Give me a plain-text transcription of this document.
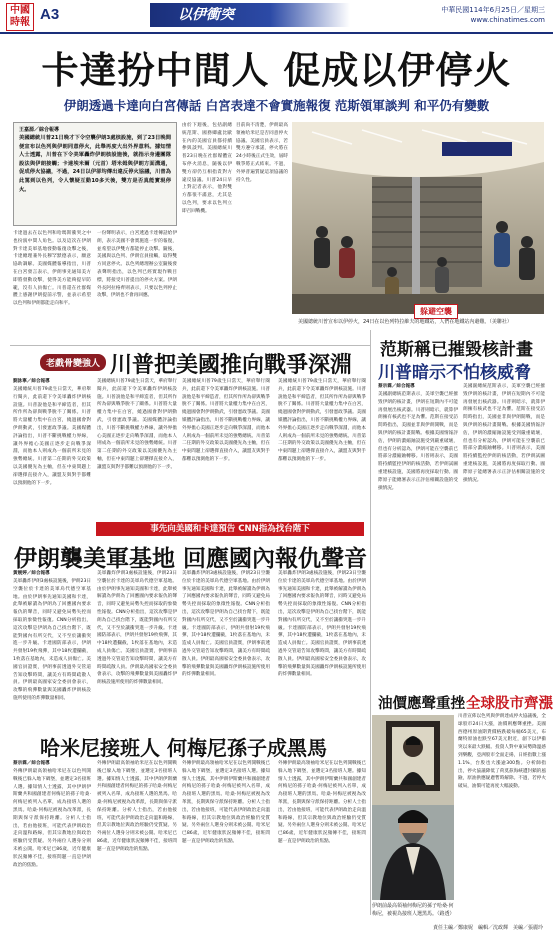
中國時報 A3	以伊衝突	中華民國114年6月25日／星期三
www.chinatimes.com
卡達扮中間人 促成以伊停火
伊朗透過卡達向白宮傳話 白宮表達不會實施報復 范斯領軍談判 和平仍有變數
王嘉源／綜合報導
美國總統川普21日晚才下令空襲伊朗3處核設施，到了23日晚間便宣布以色列與伊朗同意停火，此舉再度大出外界意料。據知情人士透露，川普在下令美軍轟炸伊朗核設施後，就指示身邊團隊設法與伊朗接觸；卡達埃米爾（元首）塔米姆與伊朗方面溝通，促成停火協議，不過，24日以伊卻均傳出違反停火協議，川普為此罵到以色列，令人懷疑互動10多天後，雙方是否真能實現停火。
卡達過去在以色列和哈瑪斯衝突之中也扮演中間人角色。以及這次在伊朗對卡達美軍基地發動報復攻擊之後，卡達總理兼外長穆罕默德表示，願意協助調解。美國媒體報導指出，川普在白宮發言表示，伊朗事先通知美方即將發動攻擊，使得美方能夠提早防範，沒有人員傷亡。川普還在社群媒體上感謝伊朗提前示警，並表示希望以色列和伊朗都能走向和平。
一份聲明表示，白宮透過卡達傳話給伊朗，表示美國不會實施進一步的報復，並希望以伊雙方都能停止攻擊。隨後，美國與以色列、伊朗官員接觸，取得雙方同意停火。以色列總理辦公室隨後發表聲明指出，以色列已經實現作戰目標，將接受川普提出的停火方案。伊朗外長阿拉格齊則表示，只要以色列停止攻擊，伊朗也不會再回應。
由於下週後，包括副總統范斯、國務卿盧比歐在內的美國官員都持續參與談判。美國總統川普23日晚在社群媒體宣布停火消息，隨後以伊雙方卻仍互相指責對方違反協議。川普24日早上對記者表示，他對雙方都很不滿意，尤其是以色列，要求以色列立即召回戰機。
目前尚不清楚，伊朗最高領袖哈米尼是否同意停火協議。美國官員表示，若雙方遵守承諾，停火將在24小時後正式生效，屆時戰爭將正式結束。不過，外界普遍質疑這項協議的持久性。
躲避空襲
美國總統川普宣布以伊停火，24日在以色列特拉維夫的地鐵站，人們在地鐵站內避難。（美聯社）
老戲骨變強人 川普把美國推向戰爭深淵
劉詠寧／綜合報導
美國總統川普79歲生日當天，華府舉行閱兵，此前還下令美軍轟炸伊朗核設施。川普說他是和平締造者，但其所作所為卻與戰爭脫不了關係。川普將大量權力集中在白宮，繞過國會對伊朗動武，引發憲政爭議。美國媒體評論指出，川普不斷挑戰權力界線，讓外界擔心美國正逐步走向戰爭深淵，而他本人則成為一個前所未見的強勢總統。川普第二任期的外交政策以美國優先為主軸，但在中東問題上卻選擇直接介入，讓盟友與對手都難以預測他的下一步。
美國總統川普79歲生日當天，華府舉行閱兵，此前還下令美軍轟炸伊朗核設施。川普說他是和平締造者，但其所作所為卻與戰爭脫不了關係。川普將大量權力集中在白宮，繞過國會對伊朗動武，引發憲政爭議。美國媒體評論指出，川普不斷挑戰權力界線，讓外界擔心美國正逐步走向戰爭深淵，而他本人則成為一個前所未見的強勢總統。川普第二任期的外交政策以美國優先為主軸，但在中東問題上卻選擇直接介入，讓盟友與對手都難以預測他的下一步。
美國總統川普79歲生日當天，華府舉行閱兵，此前還下令美軍轟炸伊朗核設施。川普說他是和平締造者，但其所作所為卻與戰爭脫不了關係。川普將大量權力集中在白宮，繞過國會對伊朗動武，引發憲政爭議。美國媒體評論指出，川普不斷挑戰權力界線，讓外界擔心美國正逐步走向戰爭深淵，而他本人則成為一個前所未見的強勢總統。川普第二任期的外交政策以美國優先為主軸，但在中東問題上卻選擇直接介入，讓盟友與對手都難以預測他的下一步。
美國總統川普79歲生日當天，華府舉行閱兵，此前還下令美軍轟炸伊朗核設施。川普說他是和平締造者，但其所作所為卻與戰爭脫不了關係。川普將大量權力集中在白宮，繞過國會對伊朗動武，引發憲政爭議。美國媒體評論指出，川普不斷挑戰權力界線，讓外界擔心美國正逐步走向戰爭深淵，而他本人則成為一個前所未見的強勢總統。川普第二任期的外交政策以美國優先為主軸，但在中東問題上卻選擇直接介入，讓盟友與對手都難以預測他的下一步。
范斯稱已摧毀核計畫
川普暗示不怕核威脅
蔡宗霖／綜合報導
美國副總統范斯表示，美軍空襲已經摧毀伊朗的核計畫，伊朗在短期內不可能再發展出核武器。川普則暗示，就算伊朗擁有核武也不足為懼。范斯在接受訪問時指出，美國並非與伊朗開戰，而是與伊朗的核計畫開戰。根據美國情報評估，伊朗的濃縮鈾設施受到嚴重破壞，但也有分析認為，伊朗可能在空襲前已將部分濃縮鈾轉移。川普則表示，美國將持續監控伊朗的核活動，若伊朗試圖重建核設施，美國將再度採取行動。國際原子能總署表示正評估相關設施的受損情況。
美國副總統范斯表示，美軍空襲已經摧毀伊朗的核計畫，伊朗在短期內不可能再發展出核武器。川普則暗示，就算伊朗擁有核武也不足為懼。范斯在接受訪問時指出，美國並非與伊朗開戰，而是與伊朗的核計畫開戰。根據美國情報評估，伊朗的濃縮鈾設施受到嚴重破壞，但也有分析認為，伊朗可能在空襲前已將部分濃縮鈾轉移。川普則表示，美國將持續監控伊朗的核活動，若伊朗試圖重建核設施，美國將再度採取行動。國際原子能總署表示正評估相關設施的受損情況。
事先向美國和卡達預告 CNN指為找台階下
伊朗襲美軍基地 回應國內報仇聲音
黃婉婷／綜合報導
美軍轟炸伊朗3處核設施後，伊朗23日空襲位於卡達的美軍烏代德空軍基地。由於伊朗事先通知美國和卡達，此舉被解讀為伊朗為了回應國內要求報仇的聲音，同時又避免局勢失控而採取的象徵性報復。CNN分析指出，這次攻擊是伊朗為自己找台階下，既能對國內有所交代，又不至於讓衝突進一步升級。卡達國防部表示，伊朗共發射19枚飛彈，其中18枚遭攔截，1枚落在基地內，未造成人員傷亡。美國官員證實，伊朗事前透過外交管道告知攻擊時間，讓美方有時間疏散人員。伊朗最高國家安全委員會表示，攻擊的飛彈數量與美國轟炸伊朗核設施所使用的炸彈數量相同。
美軍轟炸伊朗3處核設施後，伊朗23日空襲位於卡達的美軍烏代德空軍基地。由於伊朗事先通知美國和卡達，此舉被解讀為伊朗為了回應國內要求報仇的聲音，同時又避免局勢失控而採取的象徵性報復。CNN分析指出，這次攻擊是伊朗為自己找台階下，既能對國內有所交代，又不至於讓衝突進一步升級。卡達國防部表示，伊朗共發射19枚飛彈，其中18枚遭攔截，1枚落在基地內，未造成人員傷亡。美國官員證實，伊朗事前透過外交管道告知攻擊時間，讓美方有時間疏散人員。伊朗最高國家安全委員會表示，攻擊的飛彈數量與美國轟炸伊朗核設施所使用的炸彈數量相同。
美軍轟炸伊朗3處核設施後，伊朗23日空襲位於卡達的美軍烏代德空軍基地。由於伊朗事先通知美國和卡達，此舉被解讀為伊朗為了回應國內要求報仇的聲音，同時又避免局勢失控而採取的象徵性報復。CNN分析指出，這次攻擊是伊朗為自己找台階下，既能對國內有所交代，又不至於讓衝突進一步升級。卡達國防部表示，伊朗共發射19枚飛彈，其中18枚遭攔截，1枚落在基地內，未造成人員傷亡。美國官員證實，伊朗事前透過外交管道告知攻擊時間，讓美方有時間疏散人員。伊朗最高國家安全委員會表示，攻擊的飛彈數量與美國轟炸伊朗核設施所使用的炸彈數量相同。
美軍轟炸伊朗3處核設施後，伊朗23日空襲位於卡達的美軍烏代德空軍基地。由於伊朗事先通知美國和卡達，此舉被解讀為伊朗為了回應國內要求報仇的聲音，同時又避免局勢失控而採取的象徵性報復。CNN分析指出，這次攻擊是伊朗為自己找台階下，既能對國內有所交代，又不至於讓衝突進一步升級。卡達國防部表示，伊朗共發射19枚飛彈，其中18枚遭攔截，1枚落在基地內，未造成人員傷亡。美國官員證實，伊朗事前透過外交管道告知攻擊時間，讓美方有時間疏散人員。伊朗最高國家安全委員會表示，攻擊的飛彈數量與美國轟炸伊朗核設施所使用的炸彈數量相同。
哈米尼接班人 何梅尼孫子成黑馬
蔡宗霖／綜合報導
外傳伊朗最高領袖哈米尼在以色列開戰後已躲入地下碉堡，並選定3名接班人選。據知情人士透露，其中伊朗伊斯蘭共和國創建者何梅尼的孫子哈桑·何梅尼被列入名單，成為接班人選的黑馬。哈桑·何梅尼被視為改革派，長期與保守派保持距離。分析人士指出，若由他接班，可能代表伊朗政治走向溫和路線，但其宗教地位與政治經驗仍受質疑。另外兩位人選身分則未被公開。哈米尼已86歲，近年健康狀況頻傳不佳，接班問題一直是伊朗政治的焦點。
外傳伊朗最高領袖哈米尼在以色列開戰後已躲入地下碉堡，並選定3名接班人選。據知情人士透露，其中伊朗伊斯蘭共和國創建者何梅尼的孫子哈桑·何梅尼被列入名單，成為接班人選的黑馬。哈桑·何梅尼被視為改革派，長期與保守派保持距離。分析人士指出，若由他接班，可能代表伊朗政治走向溫和路線，但其宗教地位與政治經驗仍受質疑。另外兩位人選身分則未被公開。哈米尼已86歲，近年健康狀況頻傳不佳，接班問題一直是伊朗政治的焦點。
外傳伊朗最高領袖哈米尼在以色列開戰後已躲入地下碉堡，並選定3名接班人選。據知情人士透露，其中伊朗伊斯蘭共和國創建者何梅尼的孫子哈桑·何梅尼被列入名單，成為接班人選的黑馬。哈桑·何梅尼被視為改革派，長期與保守派保持距離。分析人士指出，若由他接班，可能代表伊朗政治走向溫和路線，但其宗教地位與政治經驗仍受質疑。另外兩位人選身分則未被公開。哈米尼已86歲，近年健康狀況頻傳不佳，接班問題一直是伊朗政治的焦點。
外傳伊朗最高領袖哈米尼在以色列開戰後已躲入地下碉堡，並選定3名接班人選。據知情人士透露，其中伊朗伊斯蘭共和國創建者何梅尼的孫子哈桑·何梅尼被列入名單，成為接班人選的黑馬。哈桑·何梅尼被視為改革派，長期與保守派保持距離。分析人士指出，若由他接班，可能代表伊朗政治走向溫和路線，但其宗教地位與政治經驗仍受質疑。另外兩位人選身分則未被公開。哈米尼已86歲，近年健康狀況頻傳不佳，接班問題一直是伊朗政治的焦點。
油價應聲重挫 全球股市齊漲
伊朗前最高領袖何梅尼的孫子哈桑·何梅尼，被視為接班人選黑馬。（路透）
川普宣佈以色列與伊朗達成停火協議後，全球股市24日大漲，油價則應聲重挫。美國西德州原油期貨價格跌破每桶65美元，布蘭特原油也跌至67美元附近，創下以伊衝突以來最大跌幅。投資人對中東局勢降溫感到樂觀，亞洲股市全面走揚，日經指數上漲1.1%，台股也大漲逾300點。分析師指出，停火協議降低了荷莫茲海峽遭封鎖的風險，原油供應疑慮暫時解除。不過，若停火破局，油價可能再度大幅波動。
責任主編／鄭康妮　編輯／沈政輝　美編／張麗玲
